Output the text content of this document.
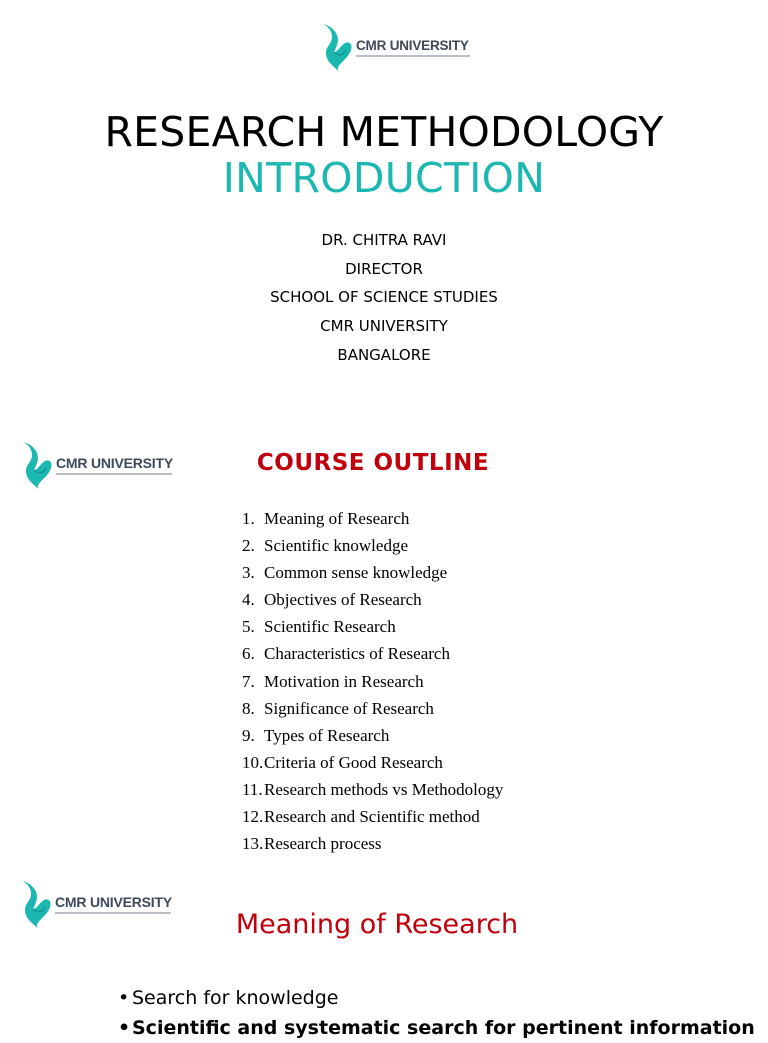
CMR UNIVERSITY
RESEARCH METHODOLOGY
INTRODUCTION
DR. CHITRA RAVI
DIRECTOR
SCHOOL OF SCIENCE STUDIES
CMR UNIVERSITY
BANGALORE
CMR UNIVERSITY	COURSE OUTLINE
1. Meaning of Research
2. Scientific knowledge
3. Common sense knowledge
4. Objectives of Research
5. Scientific Research
6. Characteristics of Research
7. Motivation in Research
8. Significance of Research
9. Types of Research
10. Criteria of Good Research
11. Research methods vs Methodology
12. Research and Scientific method
13. Research process
CMR UNIVERSITY
Meaning of Research
• Search for knowledge
• Scientific and systematic search for pertinent information
